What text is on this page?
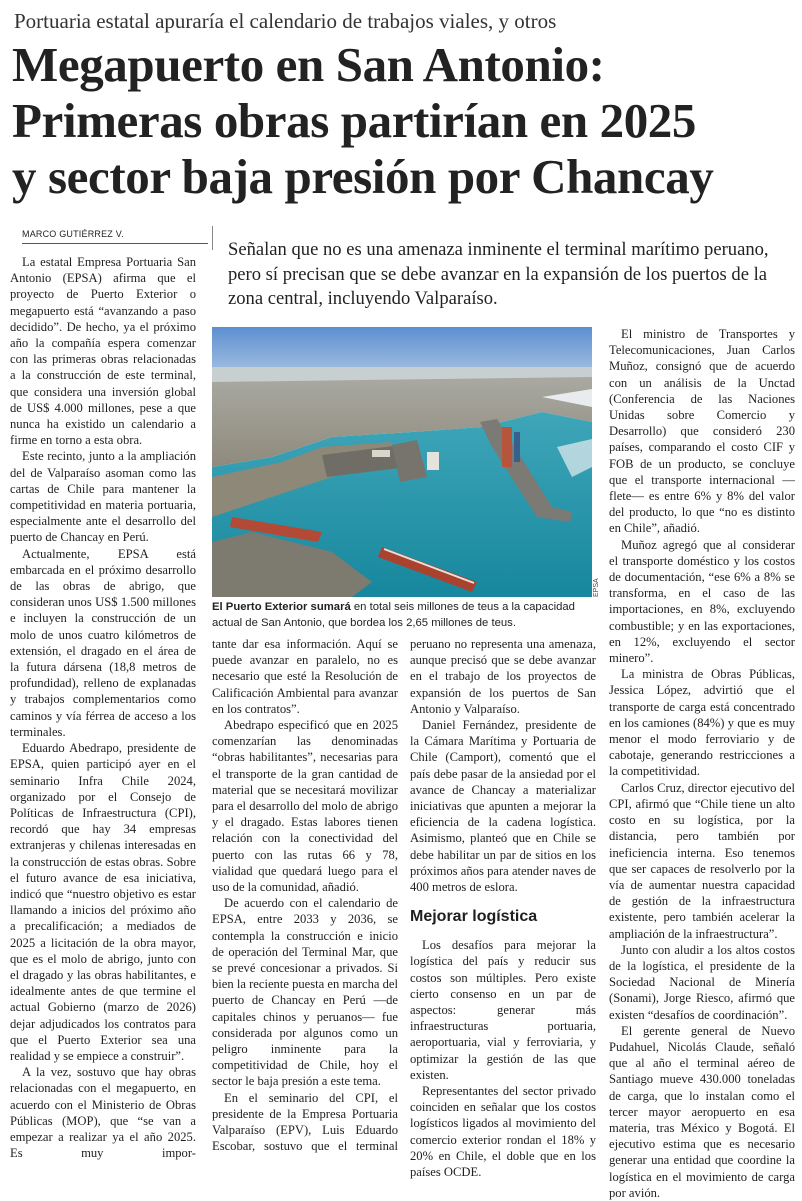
Portuaria estatal apuraría el calendario de trabajos viales, y otros
Megapuerto en San Antonio:
Primeras obras partirían en 2025
y sector baja presión por Chancay
MARCO GUTIÉRREZ V.
Señalan que no es una amenaza inminente el terminal marítimo peruano, pero sí precisan que se debe avanzar en la expansión de los puertos de la zona central, incluyendo Valparaíso.
EPSA
El Puerto Exterior sumará en total seis millones de teus a la capacidad actual de San Antonio, que bordea los 2,65 millones de teus.

La estatal Empresa Portuaria San Antonio (EPSA) afirma que el proyecto de Puerto Exterior o megapuerto está “avanzando a paso decidido”. De hecho, ya el próximo año la compañía espera comenzar con las primeras obras relacionadas a la construcción de este terminal, que considera una inversión global de US$ 4.000 millones, pese a que nunca ha existido un calendario a firme en torno a esta obra.

Este recinto, junto a la ampliación del de Valparaíso asoman como las cartas de Chile para mantener la competitividad en materia portuaria, especialmente ante el desarrollo del puerto de Chancay en Perú.

Actualmente, EPSA está embarcada en el próximo desarrollo de las obras de abrigo, que consideran unos US$ 1.500 millones e incluyen la construcción de un molo de unos cuatro kilómetros de extensión, el dragado en el área de la futura dársena (18,8 metros de profundidad), relleno de explanadas y trabajos complementarios como caminos y vía férrea de acceso a los terminales.

Eduardo Abedrapo, presidente de EPSA, quien participó ayer en el seminario Infra Chile 2024, organizado por el Consejo de Políticas de Infraestructura (CPI), recordó que hay 34 empresas extranjeras y chilenas interesadas en la construcción de estas obras. Sobre el futuro avance de esa iniciativa, indicó que “nuestro objetivo es estar llamando a inicios del próximo año a precalificación; a mediados de 2025 a licitación de la obra mayor, que es el molo de abrigo, junto con el dragado y las obras habilitantes, e idealmente antes de que termine el actual Gobierno (marzo de 2026) dejar adjudicados los contratos para que el Puerto Exterior sea una realidad y se empiece a construir”.

A la vez, sostuvo que hay obras relacionadas con el megapuerto, en acuerdo con el Ministerio de Obras Públicas (MOP), que “se van a empezar a realizar ya el año 2025. Es muy impor-

tante dar esa información. Aquí se puede avanzar en paralelo, no es necesario que esté la Resolución de Calificación Ambiental para avanzar en los contratos”.

Abedrapo especificó que en 2025 comenzarían las denominadas “obras habilitantes”, necesarias para el transporte de la gran cantidad de material que se necesitará movilizar para el desarrollo del molo de abrigo y el dragado. Estas labores tienen relación con la conectividad del puerto con las rutas 66 y 78, vialidad que quedará luego para el uso de la comunidad, añadió.

De acuerdo con el calendario de EPSA, entre 2033 y 2036, se contempla la construcción e inicio de operación del Terminal Mar, que se prevé concesionar a privados. Si bien la reciente puesta en marcha del puerto de Chancay en Perú —de capitales chinos y peruanos— fue considerada por algunos como un peligro inminente para la competitividad de Chile, hoy el sector le baja presión a este tema.

En el seminario del CPI, el presidente de la Empresa Portuaria Valparaíso (EPV), Luis Eduardo Escobar, sostuvo que el terminal

peruano no representa una amenaza, aunque precisó que se debe avanzar en el trabajo de los proyectos de expansión de los puertos de San Antonio y Valparaíso.

Daniel Fernández, presidente de la Cámara Marítima y Portuaria de Chile (Camport), comentó que el país debe pasar de la ansiedad por el avance de Chancay a materializar iniciativas que apunten a mejorar la eficiencia de la cadena logística. Asimismo, planteó que en Chile se debe habilitar un par de sitios en los próximos años para atender naves de 400 metros de eslora.

Mejorar logística

Los desafíos para mejorar la logística del país y reducir sus costos son múltiples. Pero existe cierto consenso en un par de aspectos: generar más infraestructuras portuaria, aeroportuaria, vial y ferroviaria, y optimizar la gestión de las que existen.

Representantes del sector privado coinciden en señalar que los costos logísticos ligados al movimiento del comercio exterior rondan el 18% y 20% en Chile, el doble que en los países OCDE.

El ministro de Transportes y Telecomunicaciones, Juan Carlos Muñoz, consignó que de acuerdo con un análisis de la Unctad (Conferencia de las Naciones Unidas sobre Comercio y Desarrollo) que consideró 230 países, comparando el costo CIF y FOB de un producto, se concluye que el transporte internacional —flete— es entre 6% y 8% del valor del producto, lo que “no es distinto en Chile”, añadió.

Muñoz agregó que al considerar el transporte doméstico y los costos de documentación, “ese 6% a 8% se transforma, en el caso de las importaciones, en 8%, excluyendo combustible; y en las exportaciones, en 12%, excluyendo el sector minero”.

La ministra de Obras Públicas, Jessica López, advirtió que el transporte de carga está concentrado en los camiones (84%) y que es muy menor el modo ferroviario y de cabotaje, generando restricciones a la competitividad.

Carlos Cruz, director ejecutivo del CPI, afirmó que “Chile tiene un alto costo en su logística, por la distancia, pero también por ineficiencia interna. Eso tenemos que ser capaces de resolverlo por la vía de aumentar nuestra capacidad de gestión de la infraestructura existente, pero también acelerar la ampliación de la infraestructura”.

Junto con aludir a los altos costos de la logística, el presidente de la Sociedad Nacional de Minería (Sonami), Jorge Riesco, afirmó que existen “desafíos de coordinación”.

El gerente general de Nuevo Pudahuel, Nicolás Claude, señaló que al año el terminal aéreo de Santiago mueve 430.000 toneladas de carga, que lo instalan como el tercer mayor aeropuerto en esa materia, tras México y Bogotá. El ejecutivo estima que es necesario generar una entidad que coordine la logística en el movimiento de carga por avión.
